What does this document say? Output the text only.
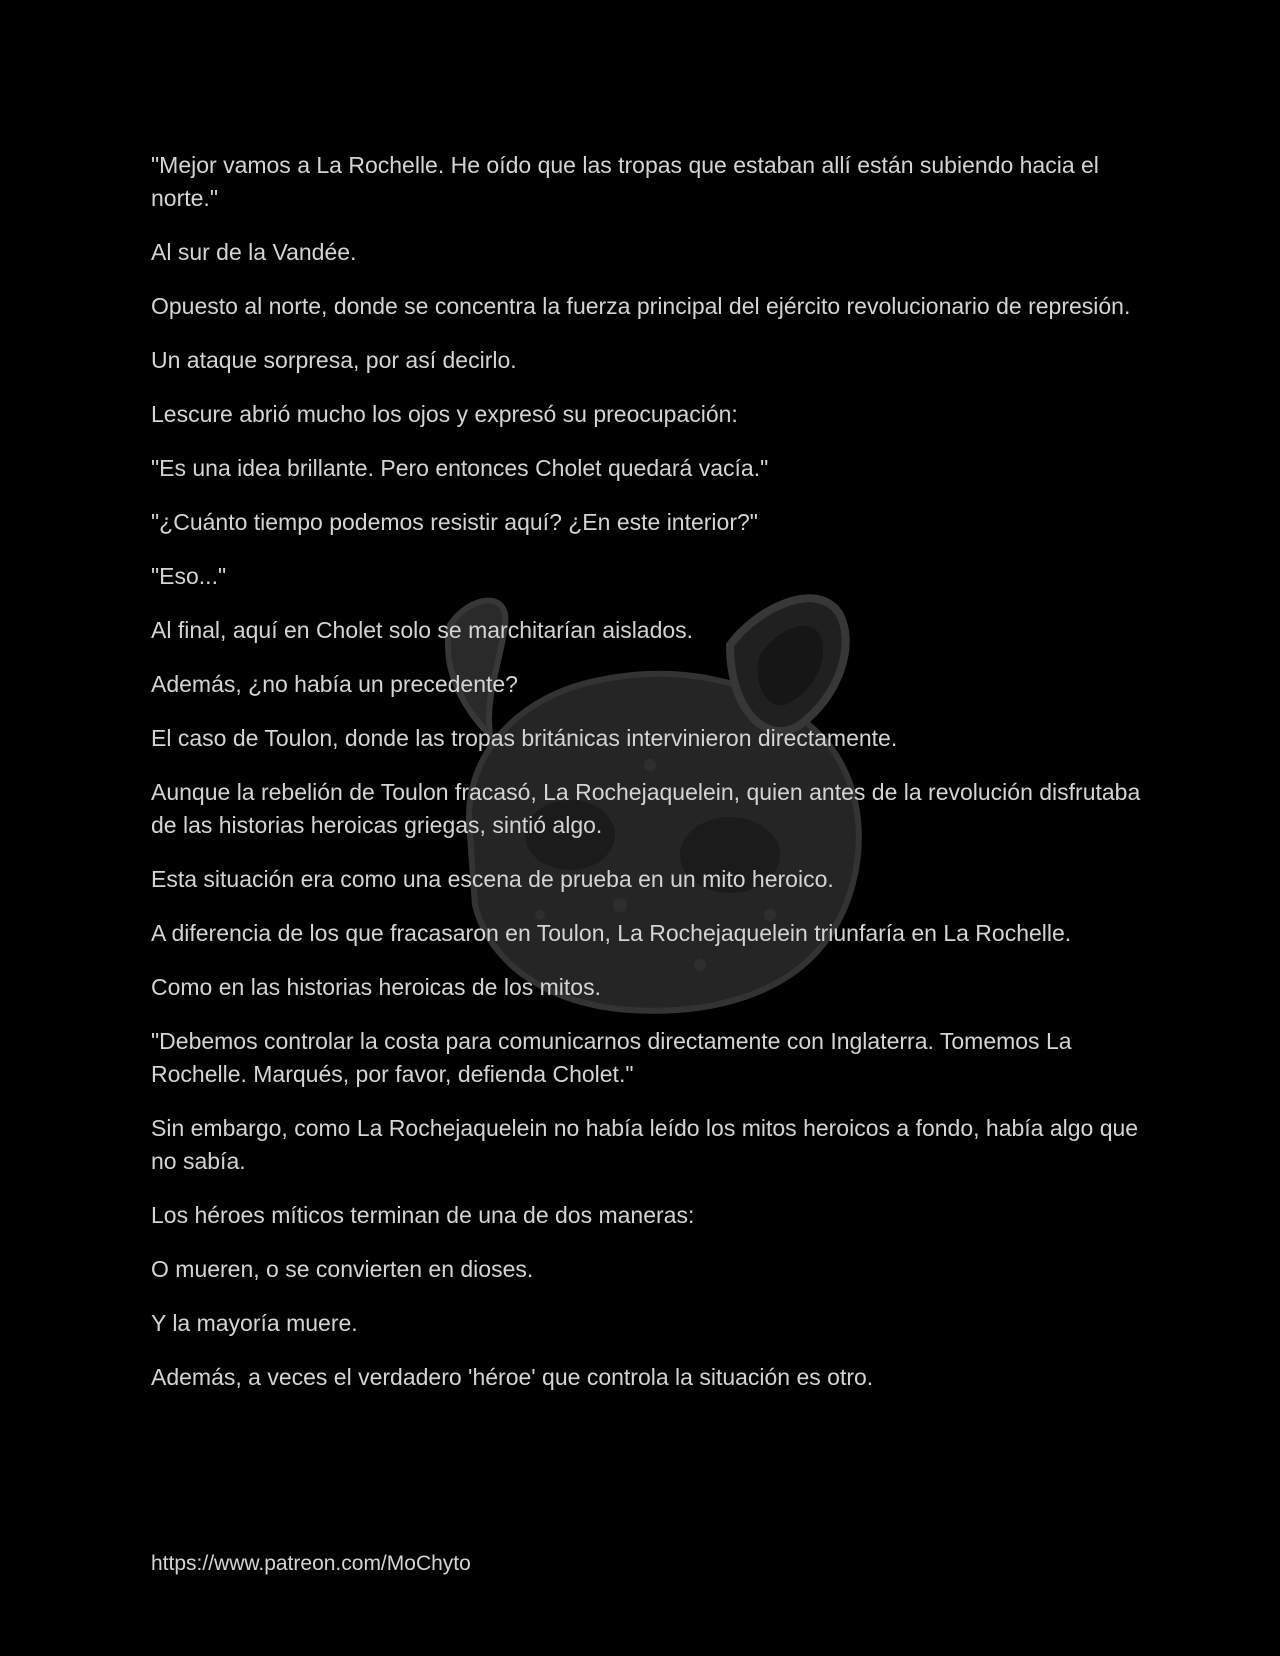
"Mejor vamos a La Rochelle. He oído que las tropas que estaban allí están subiendo hacia el norte."

Al sur de la Vandée.

Opuesto al norte, donde se concentra la fuerza principal del ejército revolucionario de represión.

Un ataque sorpresa, por así decirlo.

Lescure abrió mucho los ojos y expresó su preocupación:

"Es una idea brillante. Pero entonces Cholet quedará vacía."

"¿Cuánto tiempo podemos resistir aquí? ¿En este interior?"

"Eso..."

Al final, aquí en Cholet solo se marchitarían aislados.

Además, ¿no había un precedente?

El caso de Toulon, donde las tropas británicas intervinieron directamente.

Aunque la rebelión de Toulon fracasó, La Rochejaquelein, quien antes de la revolución disfrutaba de las historias heroicas griegas, sintió algo.

Esta situación era como una escena de prueba en un mito heroico.

A diferencia de los que fracasaron en Toulon, La Rochejaquelein triunfaría en La Rochelle.

Como en las historias heroicas de los mitos.

"Debemos controlar la costa para comunicarnos directamente con Inglaterra. Tomemos La Rochelle. Marqués, por favor, defienda Cholet."

Sin embargo, como La Rochejaquelein no había leído los mitos heroicos a fondo, había algo que no sabía.

Los héroes míticos terminan de una de dos maneras:

O mueren, o se convierten en dioses.

Y la mayoría muere.

Además, a veces el verdadero 'héroe' que controla la situación es otro.

https://www.patreon.com/MoChyto
